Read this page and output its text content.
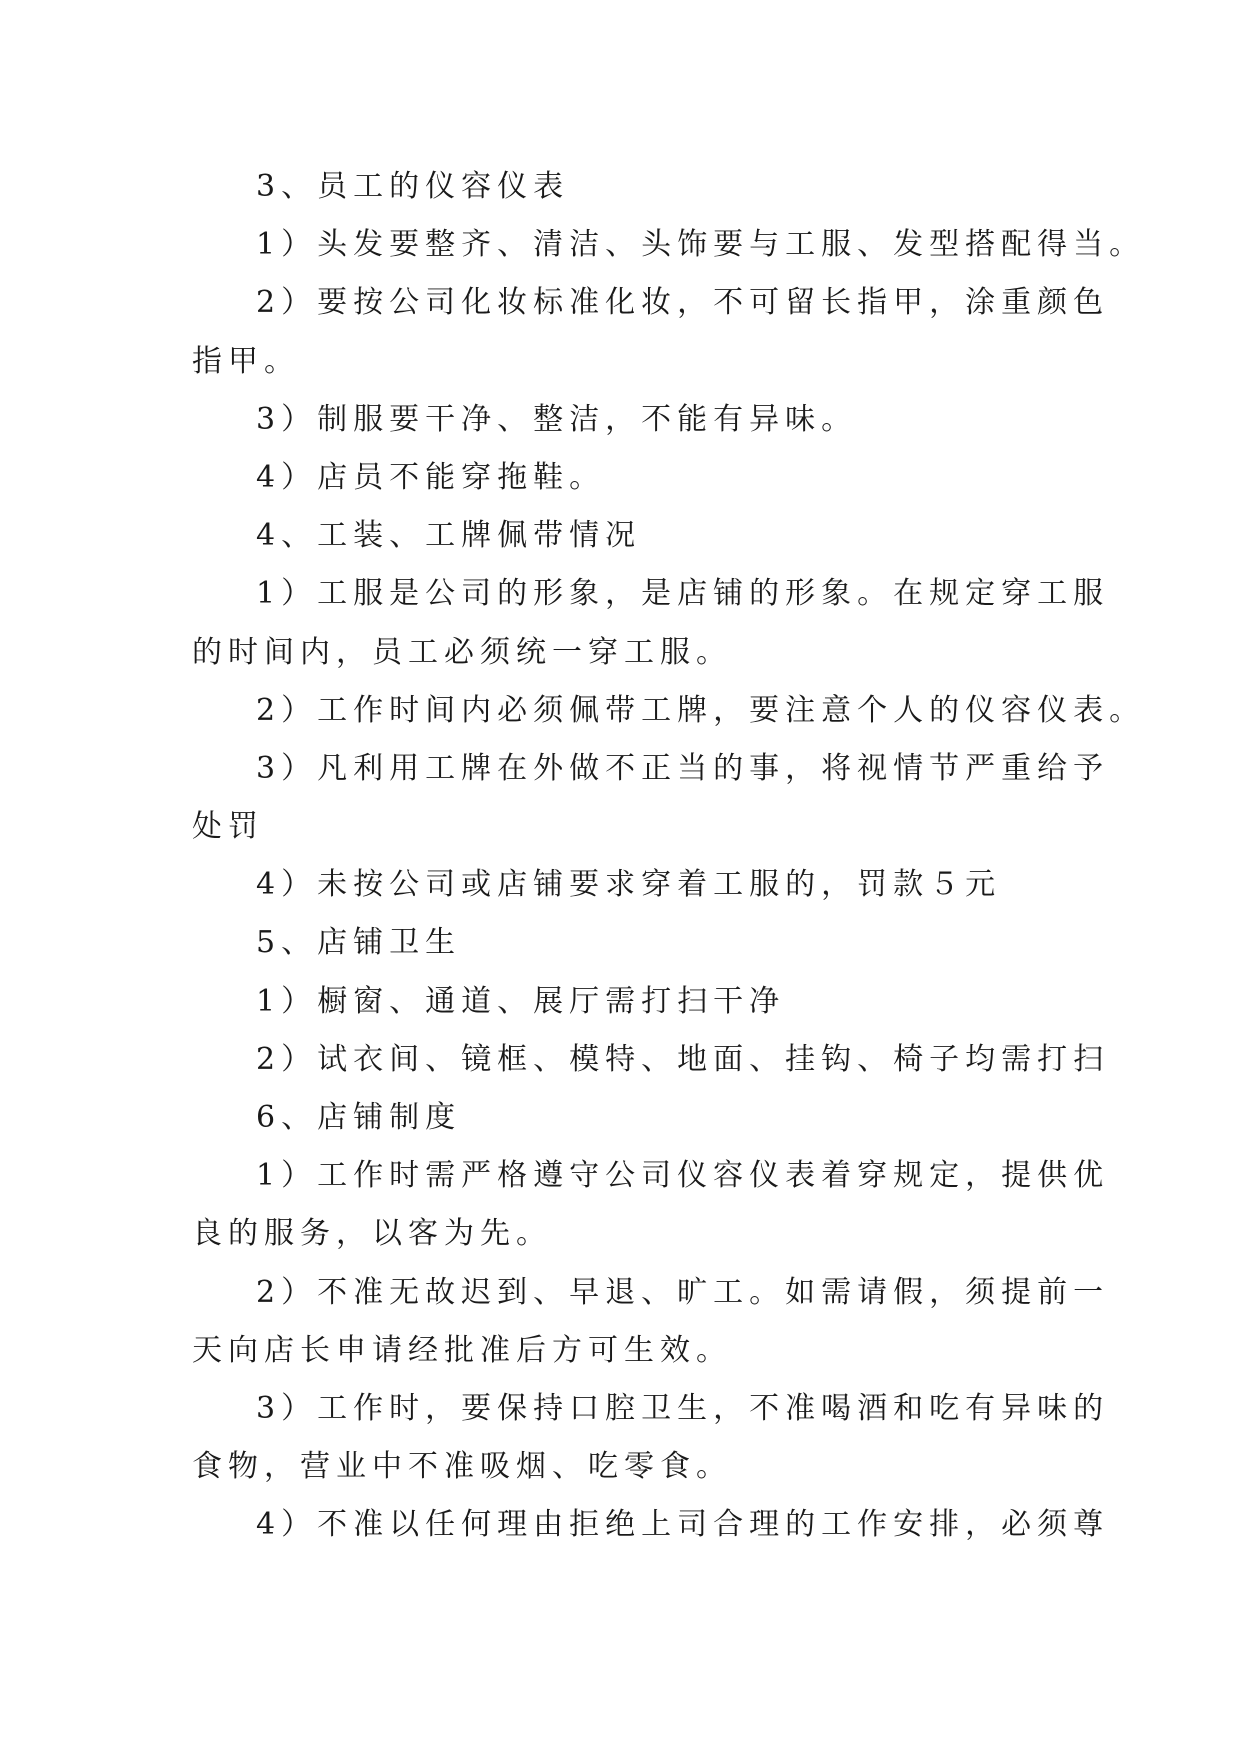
3、员工的仪容仪表
1）头发要整齐、清洁、头饰要与工服、发型搭配得当。
2）要按公司化妆标准化妆，不可留长指甲，涂重颜色
指甲。
3）制服要干净、整洁，不能有异味。
4）店员不能穿拖鞋。
4、工装、工牌佩带情况
1）工服是公司的形象，是店铺的形象。在规定穿工服
的时间内，员工必须统一穿工服。
2）工作时间内必须佩带工牌，要注意个人的仪容仪表。
3）凡利用工牌在外做不正当的事，将视情节严重给予
处罚
4）未按公司或店铺要求穿着工服的，罚款５元
5、店铺卫生
1）橱窗、通道、展厅需打扫干净
2）试衣间、镜框、模特、地面、挂钩、椅子均需打扫
6、店铺制度
1）工作时需严格遵守公司仪容仪表着穿规定，提供优
良的服务，以客为先。
2）不准无故迟到、早退、旷工。如需请假，须提前一
天向店长申请经批准后方可生效。
3）工作时，要保持口腔卫生，不准喝酒和吃有异味的
食物，营业中不准吸烟、吃零食。
4）不准以任何理由拒绝上司合理的工作安排，必须尊
